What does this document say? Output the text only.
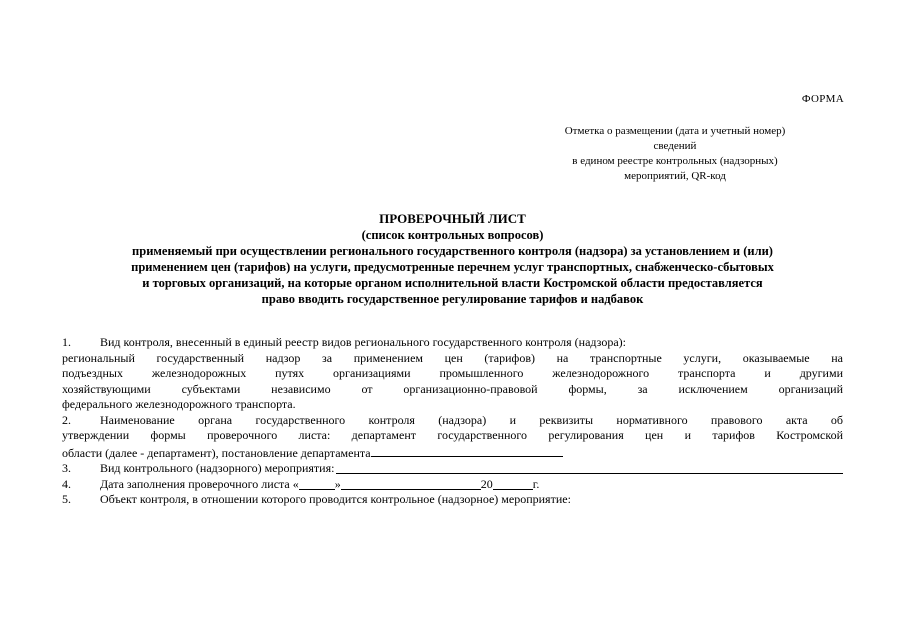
ФОРМА
Отметка о размещении (дата и учетный номер)
сведений
в едином реестре контрольных (надзорных)
мероприятий, QR-код
ПРОВЕРОЧНЫЙ ЛИСТ
(список контрольных вопросов)
применяемый при осуществлении регионального государственного контроля (надзора) за установлением и (или)
применением цен (тарифов) на услуги, предусмотренные перечнем услуг транспортных, снабженческо-сбытовых
и торговых организаций, на которые органом исполнительной власти Костромской области предоставляется
право вводить государственное регулирование тарифов и надбавок
1.	Вид контроля, внесенный в единый реестр видов регионального государственного контроля (надзора):
региональный государственный надзор за применением цен (тарифов) на транспортные услуги, оказываемые на
подъездных железнодорожных путях организациями промышленного железнодорожного транспорта и другими
хозяйствующими субъектами независимо от организационно-правовой формы, за исключением организаций
федерального железнодорожного транспорта.
2.	Наименование органа государственного контроля (надзора) и реквизиты нормативного правового акта об
утверждении формы проверочного листа: департамент государственного регулирования цен и тарифов Костромской
области (далее - департамент), постановление департамента
3.	Вид контрольного (надзорного) мероприятия:
4.	Дата заполнения проверочного листа «	»	20	г.
5.	Объект контроля, в отношении которого проводится контрольное (надзорное) мероприятие:
